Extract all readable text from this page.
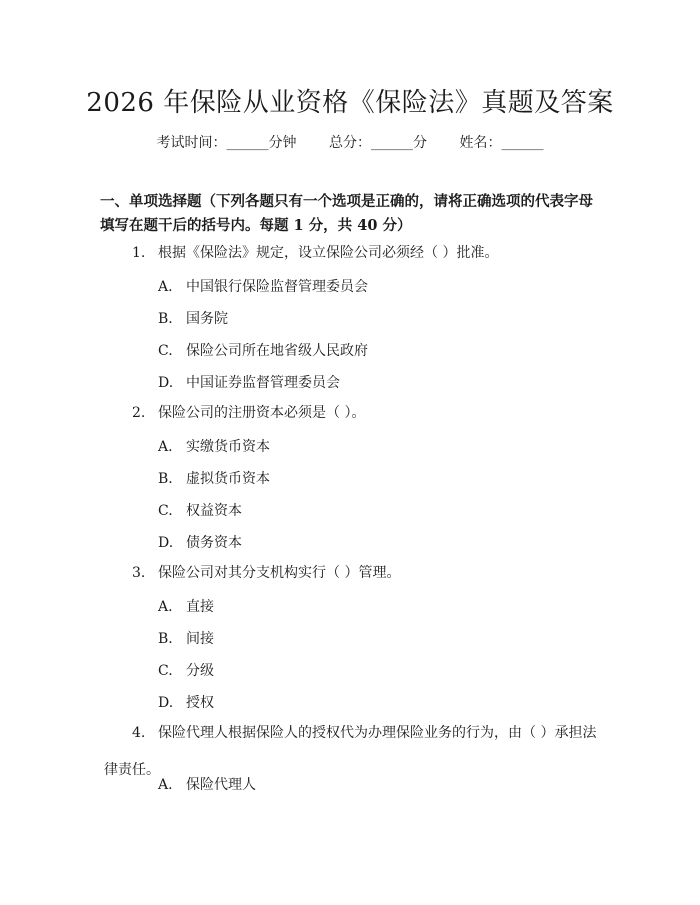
2026 年保险从业资格《保险法》真题及答案
考试时间：______分钟 总分：______分 姓名：______

一、单项选择题（下列各题只有一个选项是正确的，请将正确选项的代表字母填写在题干后的括号内。每题 1 分，共 40 分）

1. 根据《保险法》规定，设立保险公司必须经（ ）批准。

A. 中国银行保险监督管理委员会

B. 国务院

C. 保险公司所在地省级人民政府

D. 中国证券监督管理委员会

2. 保险公司的注册资本必须是（ ）。

A. 实缴货币资本

B. 虚拟货币资本

C. 权益资本

D. 债务资本

3. 保险公司对其分支机构实行（ ）管理。

A. 直接

B. 间接

C. 分级

D. 授权

4. 保险代理人根据保险人的授权代为办理保险业务的行为，由（ ）承担法

律责任。

A. 保险代理人
